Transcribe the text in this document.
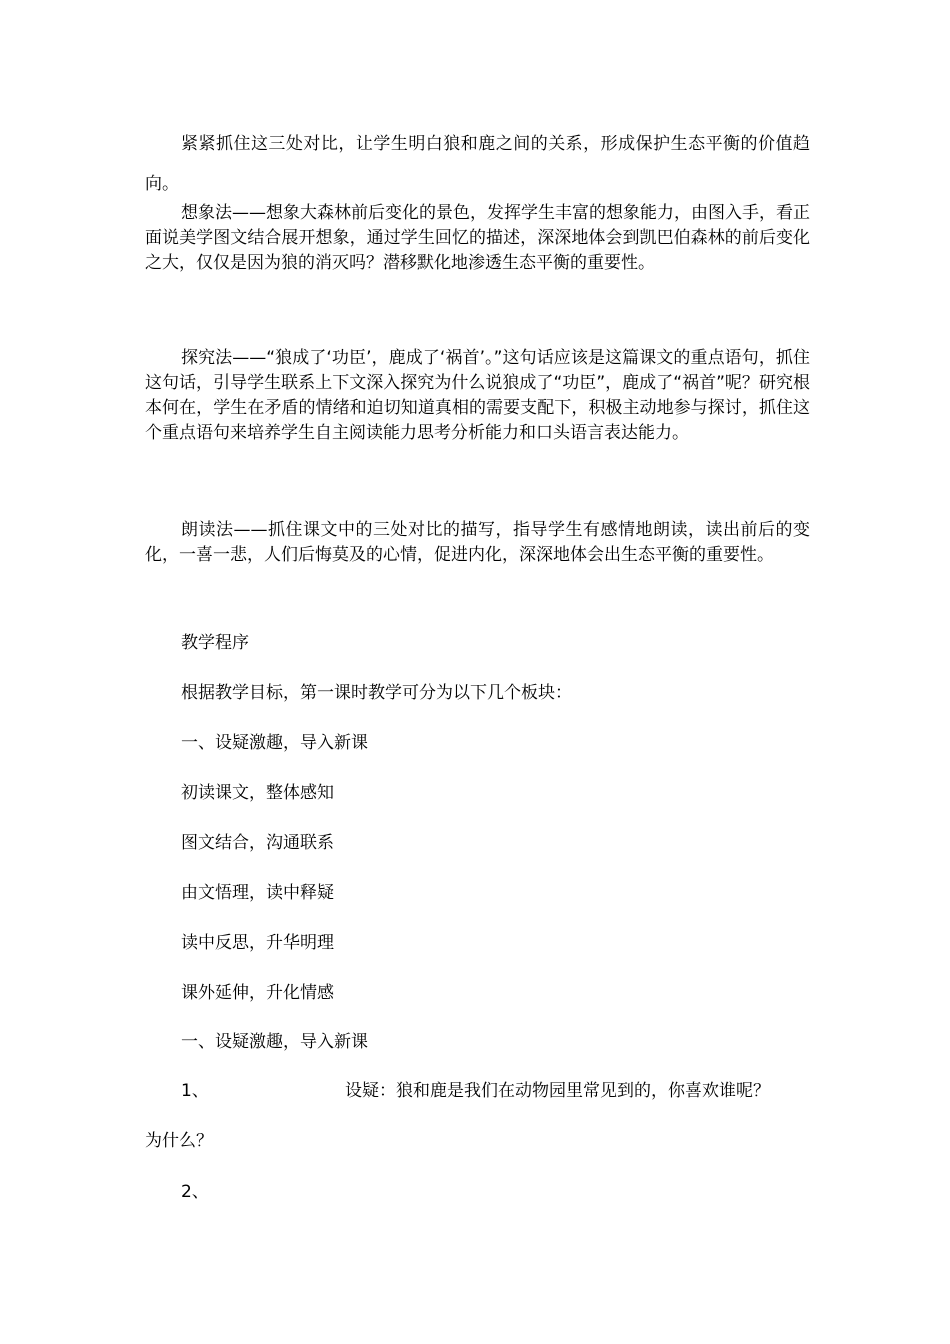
紧紧抓住这三处对比，让学生明白狼和鹿之间的关系，形成保护生态平衡的价值趋向。

想象法——想象大森林前后变化的景色，发挥学生丰富的想象能力，由图入手，看正面说美学图文结合展开想象，通过学生回忆的描述，深深地体会到凯巴伯森林的前后变化之大，仅仅是因为狼的消灭吗？潜移默化地渗透生态平衡的重要性。

探究法——“狼成了‘功臣’，鹿成了‘祸首’。”这句话应该是这篇课文的重点语句，抓住这句话，引导学生联系上下文深入探究为什么说狼成了“功臣”，鹿成了“祸首”呢？研究根本何在，学生在矛盾的情绪和迫切知道真相的需要支配下，积极主动地参与探讨，抓住这个重点语句来培养学生自主阅读能力思考分析能力和口头语言表达能力。

朗读法——抓住课文中的三处对比的描写，指导学生有感情地朗读，读出前后的变化，一喜一悲，人们后悔莫及的心情，促进内化，深深地体会出生态平衡的重要性。

教学程序

根据教学目标，第一课时教学可分为以下几个板块：

一、设疑激趣，导入新课

初读课文，整体感知

图文结合，沟通联系

由文悟理，读中释疑

读中反思，升华明理

课外延伸，升化情感

一、设疑激趣，导入新课

1、	设疑：狼和鹿是我们在动物园里常见到的，你喜欢谁呢？

为什么？

2、
